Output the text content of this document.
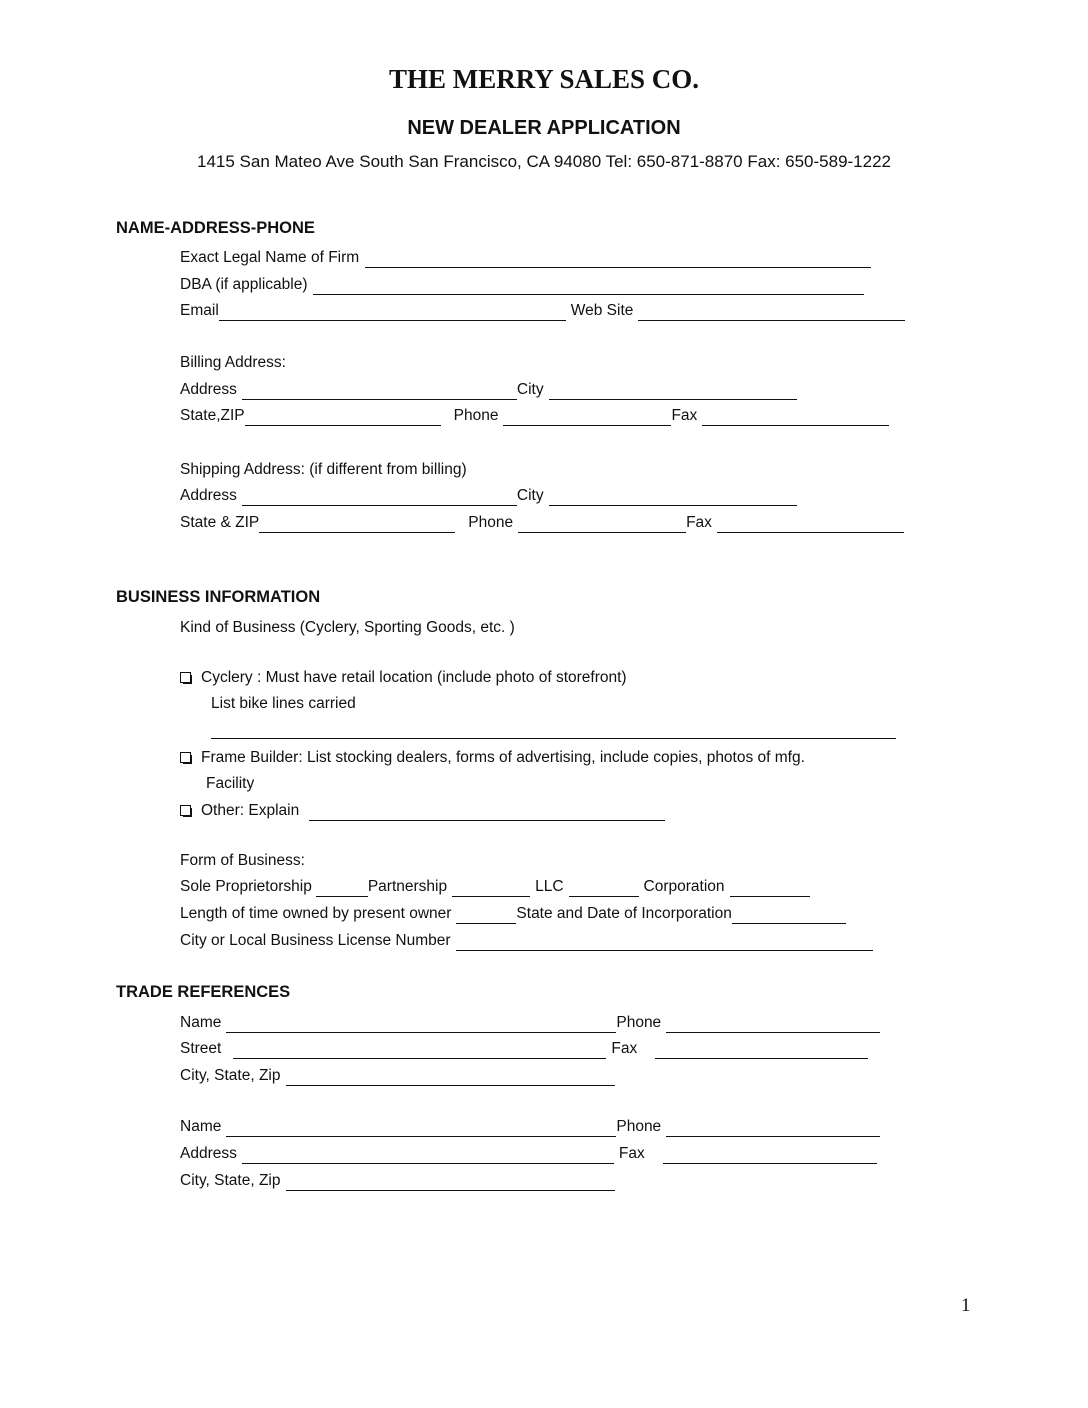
THE MERRY SALES CO.
NEW DEALER APPLICATION
1415 San Mateo Ave South San Francisco, CA 94080 Tel: 650-871-8870 Fax: 650-589-1222
NAME-ADDRESS-PHONE
Exact Legal Name of Firm
DBA (if applicable)
Email	Web Site
Billing Address:
Address	City
State,ZIP	Phone	Fax
Shipping Address: (if different from billing)
Address	City
State & ZIP	Phone	Fax
BUSINESS INFORMATION
Kind of Business (Cyclery, Sporting Goods, etc. )
Cyclery : Must have retail location (include photo of storefront)
List bike lines carried
Frame Builder: List stocking dealers, forms of advertising, include copies, photos of mfg.
Facility
Other: Explain
Form of Business:
Sole Proprietorship	Partnership	LLC	Corporation
Length of time owned by present owner	State and Date of Incorporation
City or Local Business License Number
TRADE REFERENCES
Name	Phone
Street	Fax
City, State, Zip
Name	Phone
Address	Fax
City, State, Zip
1
